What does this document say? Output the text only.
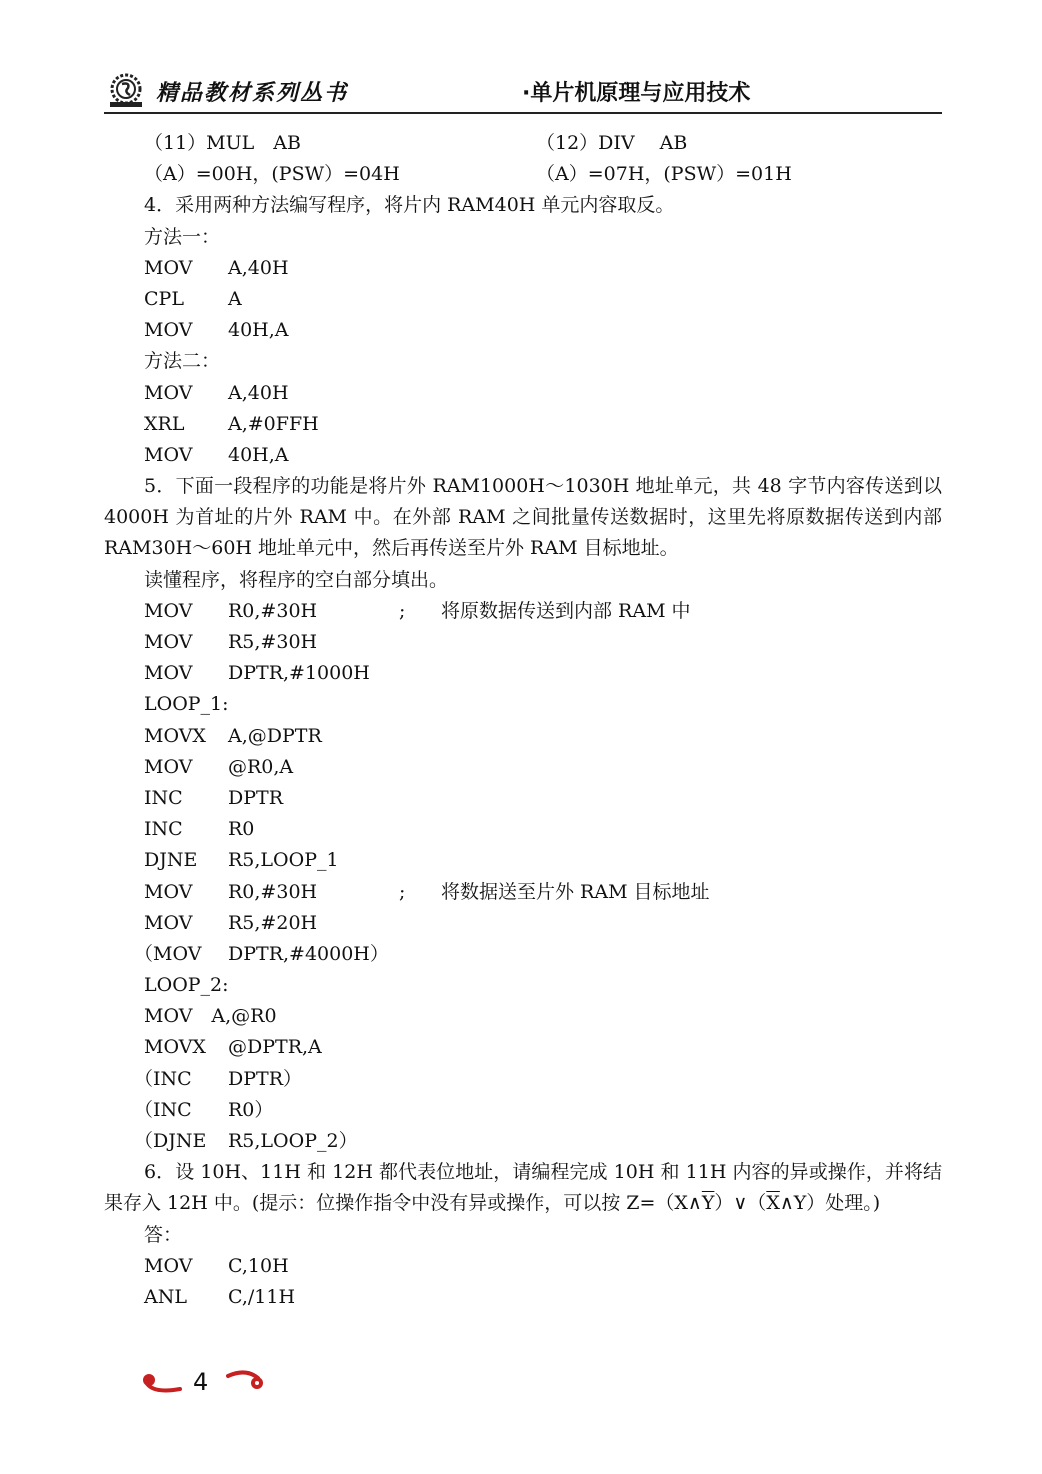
精品教材系列丛书	·单片机原理与应用技术
（11）MUL　AB	（12）DIV　 AB
（A）=00H，(PSW）=04H	（A）=07H，(PSW）=01H
4．采用两种方法编写程序，将片内 RAM40H 单元内容取反。
方法一：
MOV A,40H
CPL A
MOV 40H,A
方法二：
MOV A,40H
XRL A,#0FFH
MOV 40H,A
5．下面一段程序的功能是将片外 RAM1000H～1030H 地址单元，共 48 字节内容传送到以 4000H 为首址的片外 RAM 中。在外部 RAM 之间批量传送数据时，这里先将原数据传送到内部 RAM30H～60H 地址单元中，然后再传送至片外 RAM 目标地址。
读懂程序，将程序的空白部分填出。
MOV R0,#30H	; 将原数据传送到内部 RAM 中
MOV R5,#30H
MOV DPTR,#1000H
LOOP_1:
MOVX A,@DPTR
MOV @R0,A
INC DPTR
INC R0
DJNE R5,LOOP_1
MOV R0,#30H	; 将数据送至片外 RAM 目标地址
MOV R5,#20H
（MOV DPTR,#4000H）
LOOP_2:
MOV　A,@R0
MOVX @DPTR,A
（INC DPTR）
（INC R0）
（DJNE R5,LOOP_2）
6．设 10H、11H 和 12H 都代表位地址，请编程完成 10H 和 11H 内容的异或操作，并将结果存入 12H 中。(提示：位操作指令中没有异或操作，可以按 $Z=(X\wedge\overline{Y})\vee(\overline{X}\wedge Y)$处理。)
答：
MOV C,10H
ANL C,/11H
4
